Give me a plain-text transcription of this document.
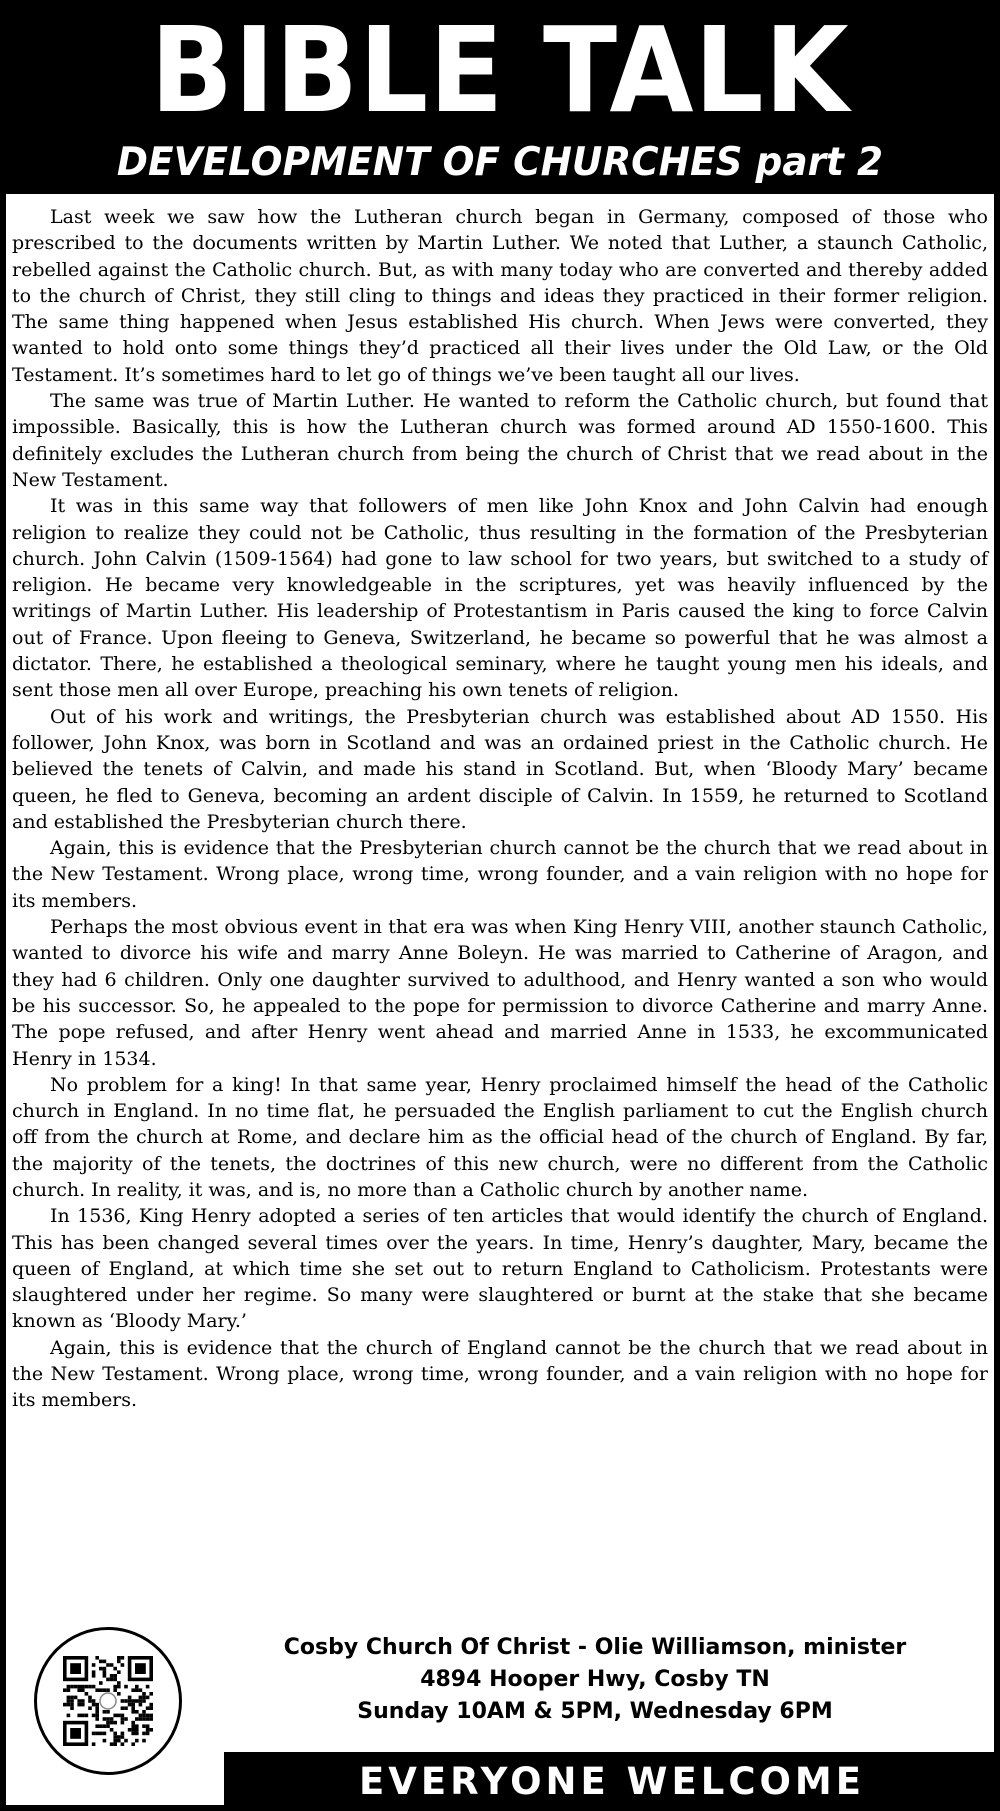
BIBLE TALK
DEVELOPMENT OF CHURCHES part 2

Last week we saw how the Lutheran church began in Germany, composed of those who prescribed to the documents written by Martin Luther. We noted that Luther, a staunch Catholic, rebelled against the Catholic church. But, as with many today who are converted and thereby added to the church of Christ, they still cling to things and ideas they practiced in their former religion. The same thing happened when Jesus established His church. When Jews were converted, they wanted to hold onto some things they’d practiced all their lives under the Old Law, or the Old Testament. It’s sometimes hard to let go of things we’ve been taught all our lives.

The same was true of Martin Luther. He wanted to reform the Catholic church, but found that impossible. Basically, this is how the Lutheran church was formed around AD 1550-1600. This definitely excludes the Lutheran church from being the church of Christ that we read about in the New Testament.

It was in this same way that followers of men like John Knox and John Calvin had enough religion to realize they could not be Catholic, thus resulting in the formation of the Presbyterian church. John Calvin (1509-1564) had gone to law school for two years, but switched to a study of religion. He became very knowledgeable in the scriptures, yet was heavily influenced by the writings of Martin Luther. His leadership of Protestantism in Paris caused the king to force Calvin out of France. Upon fleeing to Geneva, Switzerland, he became so powerful that he was almost a dictator. There, he established a theological seminary, where he taught young men his ideals, and sent those men all over Europe, preaching his own tenets of religion.

Out of his work and writings, the Presbyterian church was established about AD 1550. His follower, John Knox, was born in Scotland and was an ordained priest in the Catholic church. He believed the tenets of Calvin, and made his stand in Scotland. But, when ‘Bloody Mary’ became queen, he fled to Geneva, becoming an ardent disciple of Calvin. In 1559, he returned to Scotland and established the Presbyterian church there.

Again, this is evidence that the Presbyterian church cannot be the church that we read about in the New Testament. Wrong place, wrong time, wrong founder, and a vain religion with no hope for its members.

Perhaps the most obvious event in that era was when King Henry VIII, another staunch Catholic, wanted to divorce his wife and marry Anne Boleyn. He was married to Catherine of Aragon, and they had 6 children. Only one daughter survived to adulthood, and Henry wanted a son who would be his successor. So, he appealed to the pope for permission to divorce Catherine and marry Anne. The pope refused, and after Henry went ahead and married Anne in 1533, he excommunicated Henry in 1534.

No problem for a king! In that same year, Henry proclaimed himself the head of the Catholic church in England. In no time flat, he persuaded the English parliament to cut the English church off from the church at Rome, and declare him as the official head of the church of England. By far, the majority of the tenets, the doctrines of this new church, were no different from the Catholic church. In reality, it was, and is, no more than a Catholic church by another name.

In 1536, King Henry adopted a series of ten articles that would identify the church of England. This has been changed several times over the years. In time, Henry’s daughter, Mary, became the queen of England, at which time she set out to return England to Catholicism. Protestants were slaughtered under her regime. So many were slaughtered or burnt at the stake that she became known as ‘Bloody Mary.’

Again, this is evidence that the church of England cannot be the church that we read about in the New Testament. Wrong place, wrong time, wrong founder, and a vain religion with no hope for its members.

Cosby Church Of Christ - Olie Williamson, minister
4894 Hooper Hwy, Cosby TN
Sunday 10AM & 5PM, Wednesday 6PM
EVERYONE WELCOME
